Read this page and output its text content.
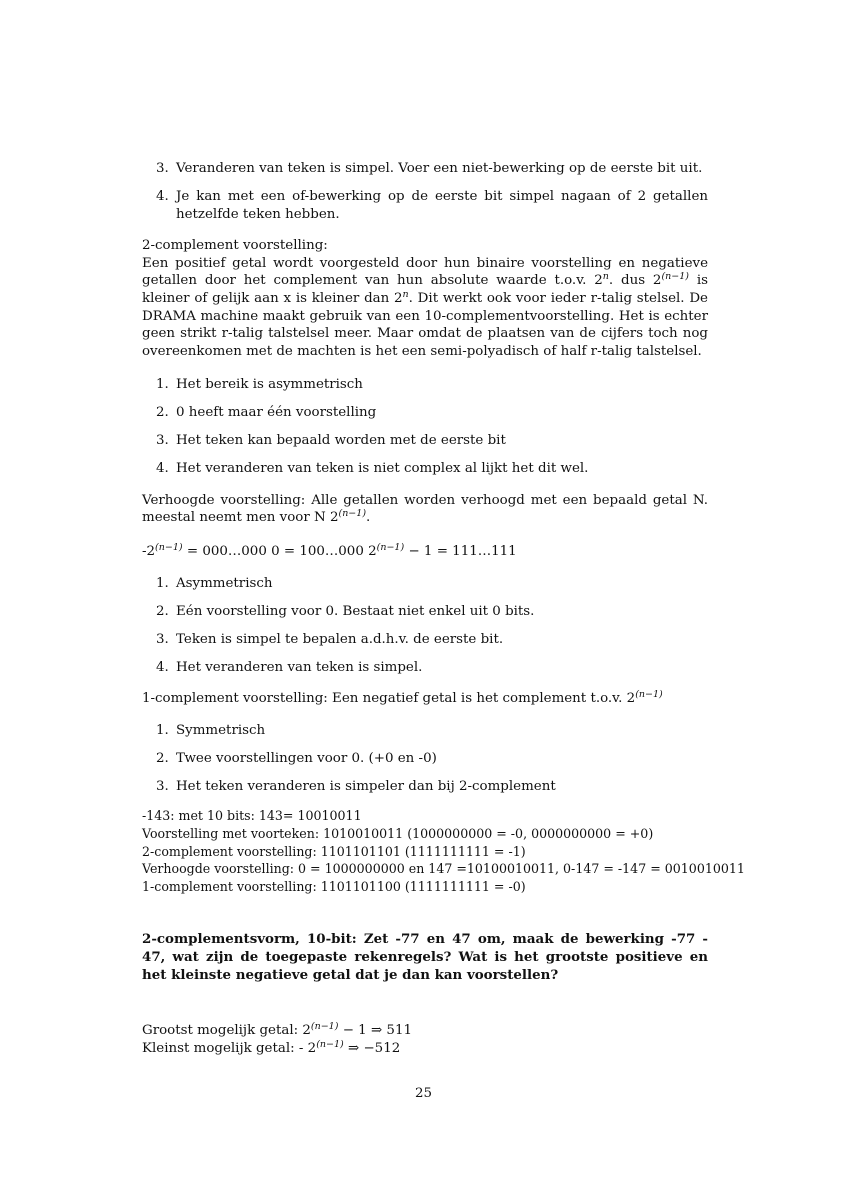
3. Veranderen van teken is simpel. Voer een niet-bewerking op de eerste bit uit.
4. Je kan met een of-bewerking op de eerste bit simpel nagaan of 2 getallen hetzelfde teken hebben.
2-complement voorstelling:
Een positief getal wordt voorgesteld door hun binaire voorstelling en negatieve getallen door het complement van hun absolute waarde t.o.v. 2$^n$. dus $2^{(n-1)}$ is kleiner of gelijk aan x is kleiner dan 2$^n$. Dit werkt ook voor ieder r-talig stelsel. De DRAMA machine maakt gebruik van een 10-complementvoorstelling. Het is echter geen strikt r-talig talstelsel meer. Maar omdat de plaatsen van de cijfers toch nog overeenkomen met de machten is het een semi-polyadisch of half r-talig talstelsel.
1. Het bereik is asymmetrisch
2. 0 heeft maar één voorstelling
3. Het teken kan bepaald worden met de eerste bit
4. Het veranderen van teken is niet complex al lijkt het dit wel.
Verhoogde voorstelling: Alle getallen worden verhoogd met een bepaald getal N. meestal neemt men voor N $2^{(n-1)}$.
$-2^{(n-1)}$ = 000…000 0 = 100…000 $2^{(n-1)} - 1$ = 111…111
1. Asymmetrisch
2. Eén voorstelling voor 0. Bestaat niet enkel uit 0 bits.
3. Teken is simpel te bepalen a.d.h.v. de eerste bit.
4. Het veranderen van teken is simpel.
1-complement voorstelling: Een negatief getal is het complement t.o.v. $2^{(n-1)}$
1. Symmetrisch
2. Twee voorstellingen voor 0. (+0 en -0)
3. Het teken veranderen is simpeler dan bij 2-complement
-143: met 10 bits: 143= 10010011
Voorstelling met voorteken: 1010010011 (1000000000 = -0, 0000000000 = +0)
2-complement voorstelling: 1101101101 (1111111111 = -1)
Verhoogde voorstelling: 0 = 1000000000 en 147 =10100010011, 0-147 = -147 = 0010010011
1-complement voorstelling: 1101101100 (1111111111 = -0)
2-complementsvorm, 10-bit: Zet -77 en 47 om, maak de bewerking -77 - 47, wat zijn de toegepaste rekenregels? Wat is het grootste positieve en het kleinste negatieve getal dat je dan kan voorstellen?
Grootst mogelijk getal: $2^{(n-1)} - 1$ ⇒ 511
Kleinst mogelijk getal: - $2^{(n-1)}$ ⇒ −512
25
